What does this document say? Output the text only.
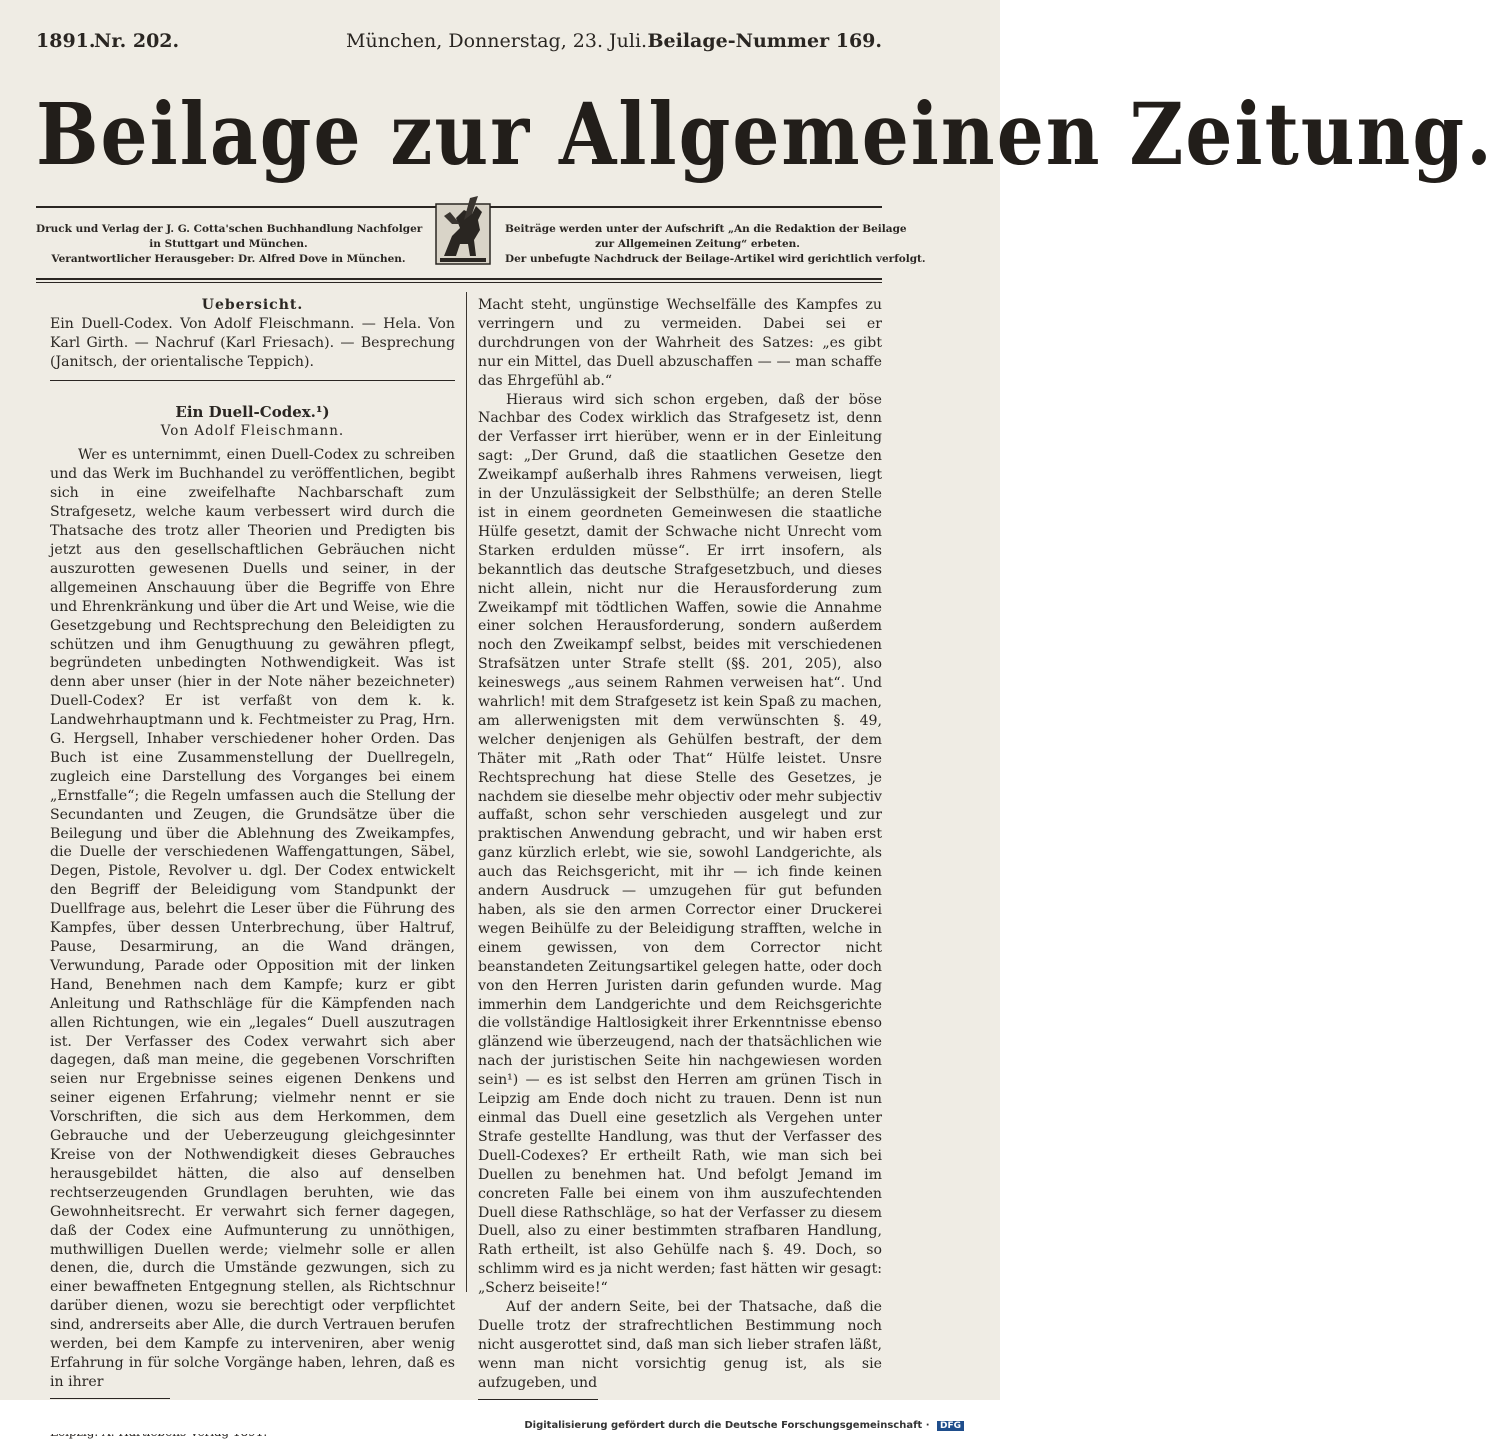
1891.
Nr. 202.	München, Donnerstag, 23. Juli. Beilage-Nummer 169.
Beilage zur Allgemeinen Zeitung.
Druck und Verlag der J. G. Cotta'schen Buchhandlung Nachfolger
in Stuttgart und München.
Verantwortlicher Herausgeber: Dr. Alfred Dove in München.
Beiträge werden unter der Aufschrift „An die Redaktion der Beilage
zur Allgemeinen Zeitung“ erbeten.
Der unbefugte Nachdruck der Beilage-Artikel wird gerichtlich verfolgt.
Uebersicht.

Ein Duell-Codex. Von Adolf Fleischmann. — Hela. Von Karl Girth. — Nachruf (Karl Friesach). — Besprechung (Janitsch, der orientalische Teppich).

Ein Duell-Codex.¹)
Von Adolf Fleischmann.

Wer es unternimmt, einen Duell-Codex zu schreiben und das Werk im Buchhandel zu veröffentlichen, begibt sich in eine zweifelhafte Nachbarschaft zum Strafgesetz, welche kaum verbessert wird durch die Thatsache des trotz aller Theorien und Predigten bis jetzt aus den gesellschaftlichen Gebräuchen nicht auszurotten gewesenen Duells und seiner, in der allgemeinen Anschauung über die Begriffe von Ehre und Ehrenkränkung und über die Art und Weise, wie die Gesetzgebung und Rechtsprechung den Beleidigten zu schützen und ihm Genugthuung zu gewähren pflegt, begründeten unbedingten Nothwendigkeit. Was ist denn aber unser (hier in der Note näher bezeichneter) Duell-Codex? Er ist verfaßt von dem k. k. Landwehrhauptmann und k. Fechtmeister zu Prag, Hrn. G. Hergsell, Inhaber verschiedener hoher Orden. Das Buch ist eine Zusammenstellung der Duellregeln, zugleich eine Darstellung des Vorganges bei einem „Ernstfalle“; die Regeln umfassen auch die Stellung der Secundanten und Zeugen, die Grundsätze über die Beilegung und über die Ablehnung des Zweikampfes, die Duelle der verschiedenen Waffengattungen, Säbel, Degen, Pistole, Revolver u. dgl. Der Codex entwickelt den Begriff der Beleidigung vom Standpunkt der Duellfrage aus, belehrt die Leser über die Führung des Kampfes, über dessen Unterbrechung, über Haltruf, Pause, Desarmirung, an die Wand drängen, Verwundung, Parade oder Opposition mit der linken Hand, Benehmen nach dem Kampfe; kurz er gibt Anleitung und Rathschläge für die Kämpfenden nach allen Richtungen, wie ein „legales“ Duell auszutragen ist. Der Verfasser des Codex verwahrt sich aber dagegen, daß man meine, die gegebenen Vorschriften seien nur Ergebnisse seines eigenen Denkens und seiner eigenen Erfahrung; vielmehr nennt er sie Vorschriften, die sich aus dem Herkommen, dem Gebrauche und der Ueberzeugung gleichgesinnter Kreise von der Nothwendigkeit dieses Gebrauches herausgebildet hätten, die also auf denselben rechtserzeugenden Grundlagen beruhten, wie das Gewohnheitsrecht. Er verwahrt sich ferner dagegen, daß der Codex eine Aufmunterung zu unnöthigen, muthwilligen Duellen werde; vielmehr solle er allen denen, die, durch die Umstände gezwungen, sich zu einer bewaffneten Entgegnung stellen, als Richtschnur darüber dienen, wozu sie berechtigt oder verpflichtet sind, andrerseits aber Alle, die durch Vertrauen berufen werden, bei dem Kampfe zu interveniren, aber wenig Erfahrung in für solche Vorgänge haben, lehren, daß es in ihrer

Macht steht, ungünstige Wechselfälle des Kampfes zu verringern und zu vermeiden. Dabei sei er durchdrungen von der Wahrheit des Satzes: „es gibt nur ein Mittel, das Duell abzuschaffen — — man schaffe das Ehrgefühl ab.“

Hieraus wird sich schon ergeben, daß der böse Nachbar des Codex wirklich das Strafgesetz ist, denn der Verfasser irrt hierüber, wenn er in der Einleitung sagt: „Der Grund, daß die staatlichen Gesetze den Zweikampf außerhalb ihres Rahmens verweisen, liegt in der Unzulässigkeit der Selbsthülfe; an deren Stelle ist in einem geordneten Gemeinwesen die staatliche Hülfe gesetzt, damit der Schwache nicht Unrecht vom Starken erdulden müsse“. Er irrt insofern, als bekanntlich das deutsche Strafgesetzbuch, und dieses nicht allein, nicht nur die Herausforderung zum Zweikampf mit tödtlichen Waffen, sowie die Annahme einer solchen Herausforderung, sondern außerdem noch den Zweikampf selbst, beides mit verschiedenen Strafsätzen unter Strafe stellt (§§. 201, 205), also keineswegs „aus seinem Rahmen verweisen hat“. Und wahrlich! mit dem Strafgesetz ist kein Spaß zu machen, am allerwenigsten mit dem verwünschten §. 49, welcher denjenigen als Gehülfen bestraft, der dem Thäter mit „Rath oder That“ Hülfe leistet. Unsre Rechtsprechung hat diese Stelle des Gesetzes, je nachdem sie dieselbe mehr objectiv oder mehr subjectiv auffaßt, schon sehr verschieden ausgelegt und zur praktischen Anwendung gebracht, und wir haben erst ganz kürzlich erlebt, wie sie, sowohl Landgerichte, als auch das Reichsgericht, mit ihr — ich finde keinen andern Ausdruck — umzugehen für gut befunden haben, als sie den armen Corrector einer Druckerei wegen Beihülfe zu der Beleidigung strafften, welche in einem gewissen, von dem Corrector nicht beanstandeten Zeitungsartikel gelegen hatte, oder doch von den Herren Juristen darin gefunden wurde. Mag immerhin dem Landgerichte und dem Reichsgerichte die vollständige Haltlosigkeit ihrer Erkenntnisse ebenso glänzend wie überzeugend, nach der thatsächlichen wie nach der juristischen Seite hin nachgewiesen worden sein¹) — es ist selbst den Herren am grünen Tisch in Leipzig am Ende doch nicht zu trauen. Denn ist nun einmal das Duell eine gesetzlich als Vergehen unter Strafe gestellte Handlung, was thut der Verfasser des Duell-Codexes? Er ertheilt Rath, wie man sich bei Duellen zu benehmen hat. Und befolgt Jemand im concreten Falle bei einem von ihm auszufechtenden Duell diese Rathschläge, so hat der Verfasser zu diesem Duell, also zu einer bestimmten strafbaren Handlung, Rath ertheilt, ist also Gehülfe nach §. 49. Doch, so schlimm wird es ja nicht werden; fast hätten wir gesagt: „Scherz beiseite!“

Auf der andern Seite, bei der Thatsache, daß die Duelle trotz der strafrechtlichen Bestimmung noch nicht ausgerottet sind, daß man sich lieber strafen läßt, wenn man nicht vorsichtig genug ist, als sie aufzugeben, und

Digitalisierung gefördert durch die Deutsche Forschungsgemeinschaft · DFG
